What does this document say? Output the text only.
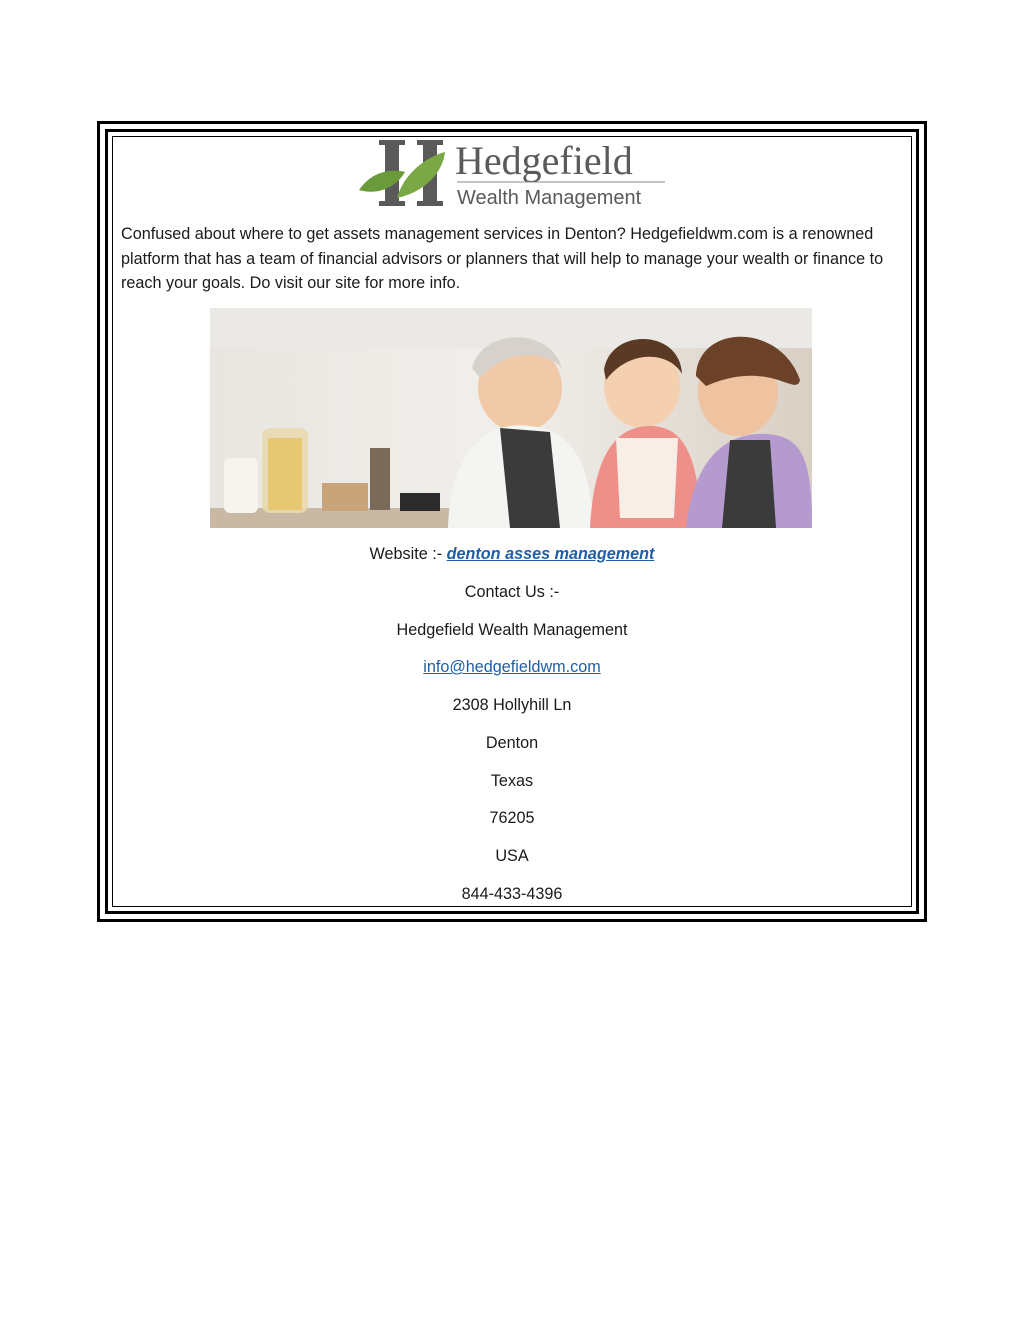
Hedgefield
Wealth Management

Confused about where to get assets management services in Denton? Hedgefieldwm.com is a renowned platform that has a team of financial advisors or planners that will help to manage your wealth or finance to reach your goals. Do visit our site for more info.

Website :- denton asses management
Contact Us :-
Hedgefield Wealth Management
info@hedgefieldwm.com
2308 Hollyhill Ln
Denton
Texas
76205
USA
844-433-4396
